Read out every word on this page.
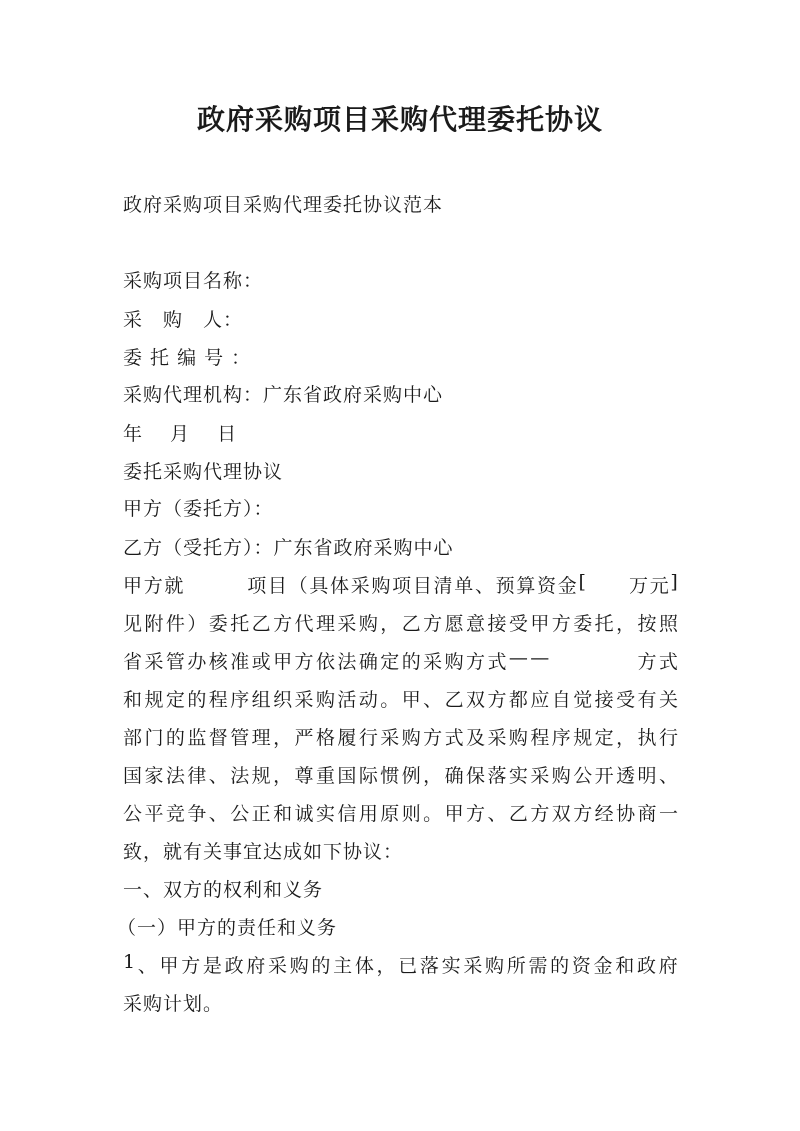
政府采购项目采购代理委托协议

政府采购项目采购代理委托协议范本

采购项目名称：

采　购　人：

委 托 编 号 ：

采购代理机构：广东省政府采购中心

年　 月　 日

委托采购代理协议

甲方（委托方）：

乙方（受托方）：广东省政府采购中心

甲 方 就

　	项 目 （ 具 体 采 购 项 目 清 单 、 预 算 资 金 [

　 万 元 ]

见 附 件 ） 委 托 乙 方 代 理 采 购 ， 乙 方 愿 意 接 受 甲 方 委 托 ， 按 照

省 采 管 办 核 准 或 甲 方 依 法 确 定 的 采 购 方 式 — —

　	方 式

和 规 定 的 程 序 组 织 采 购 活 动 。 甲 、 乙 双 方 都 应 自 觉 接 受 有 关

部 门 的 监 督 管 理 ， 严 格 履 行 采 购 方 式 及 采 购 程 序 规 定 ， 执 行

国 家 法 律 、 法 规 ， 尊 重 国 际 惯 例 ， 确 保 落 实 采 购 公 开 透 明 、

公 平 竞 争 、 公 正 和 诚 实 信 用 原 则 。 甲 方 、 乙 方 双 方 经 协 商 一

致，就有关事宜达成如下协议：

一、双方的权利和义务

（一）甲方的责任和义务

1 、 甲 方 是 政 府 采 购 的 主 体 ， 已 落 实 采 购 所 需 的 资 金 和 政 府

采购计划。
